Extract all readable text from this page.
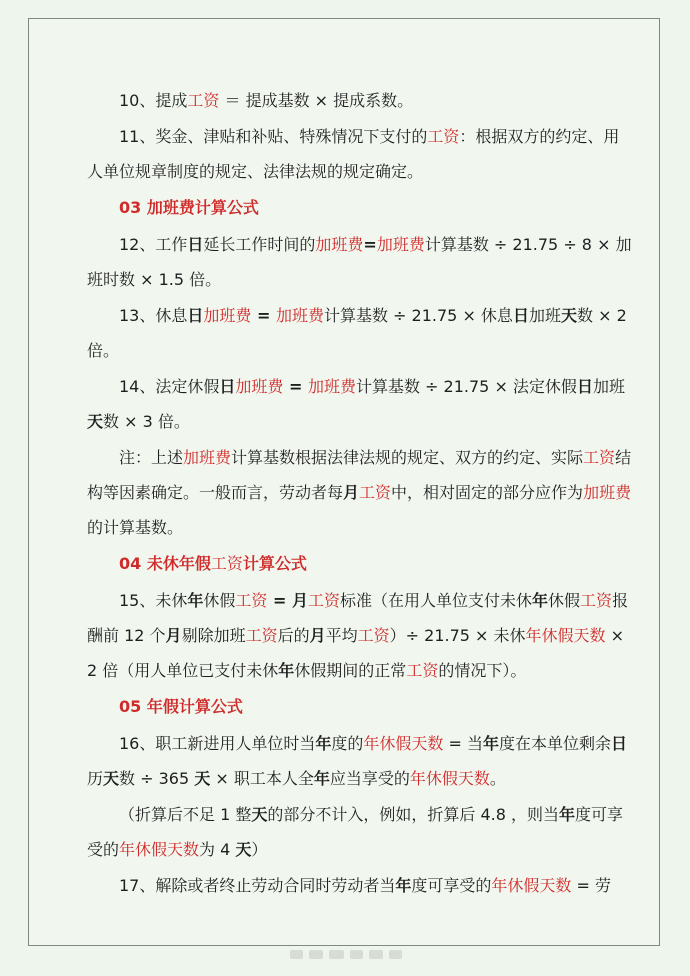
10、提成工资 ＝ 提成基数 × 提成系数。

11、奖金、津贴和补贴、特殊情况下支付的工资：根据双方的约定、用人单位规章制度的规定、法律法规的规定确定。

03 加班费计算公式

12、工作日延长工作时间的加班费=加班费计算基数 ÷ 21.75 ÷ 8 × 加班时数 × 1.5 倍。

13、休息日加班费 = 加班费计算基数 ÷ 21.75 × 休息日加班天数 × 2 倍。

14、法定休假日加班费 = 加班费计算基数 ÷ 21.75 × 法定休假日加班天数 × 3 倍。

注：上述加班费计算基数根据法律法规的规定、双方的约定、实际工资结构等因素确定。一般而言，劳动者每月工资中，相对固定的部分应作为加班费的计算基数。

04 未休年假工资计算公式

15、未休年休假工资 = 月工资标准（在用人单位支付未休年休假工资报酬前 12 个月剔除加班工资后的月平均工资）÷ 21.75 × 未休年休假天数 × 2 倍（用人单位已支付未休年休假期间的正常工资的情况下）。

05 年假计算公式

16、职工新进用人单位时当年度的年休假天数 = 当年度在本单位剩余日历天数 ÷ 365 天 × 职工本人全年应当享受的年休假天数。

（折算后不足 1 整天的部分不计入，例如，折算后 4.8 ，则当年度可享受的年休假天数为 4 天）

17、解除或者终止劳动合同时劳动者当年度可享受的年休假天数 = 劳
